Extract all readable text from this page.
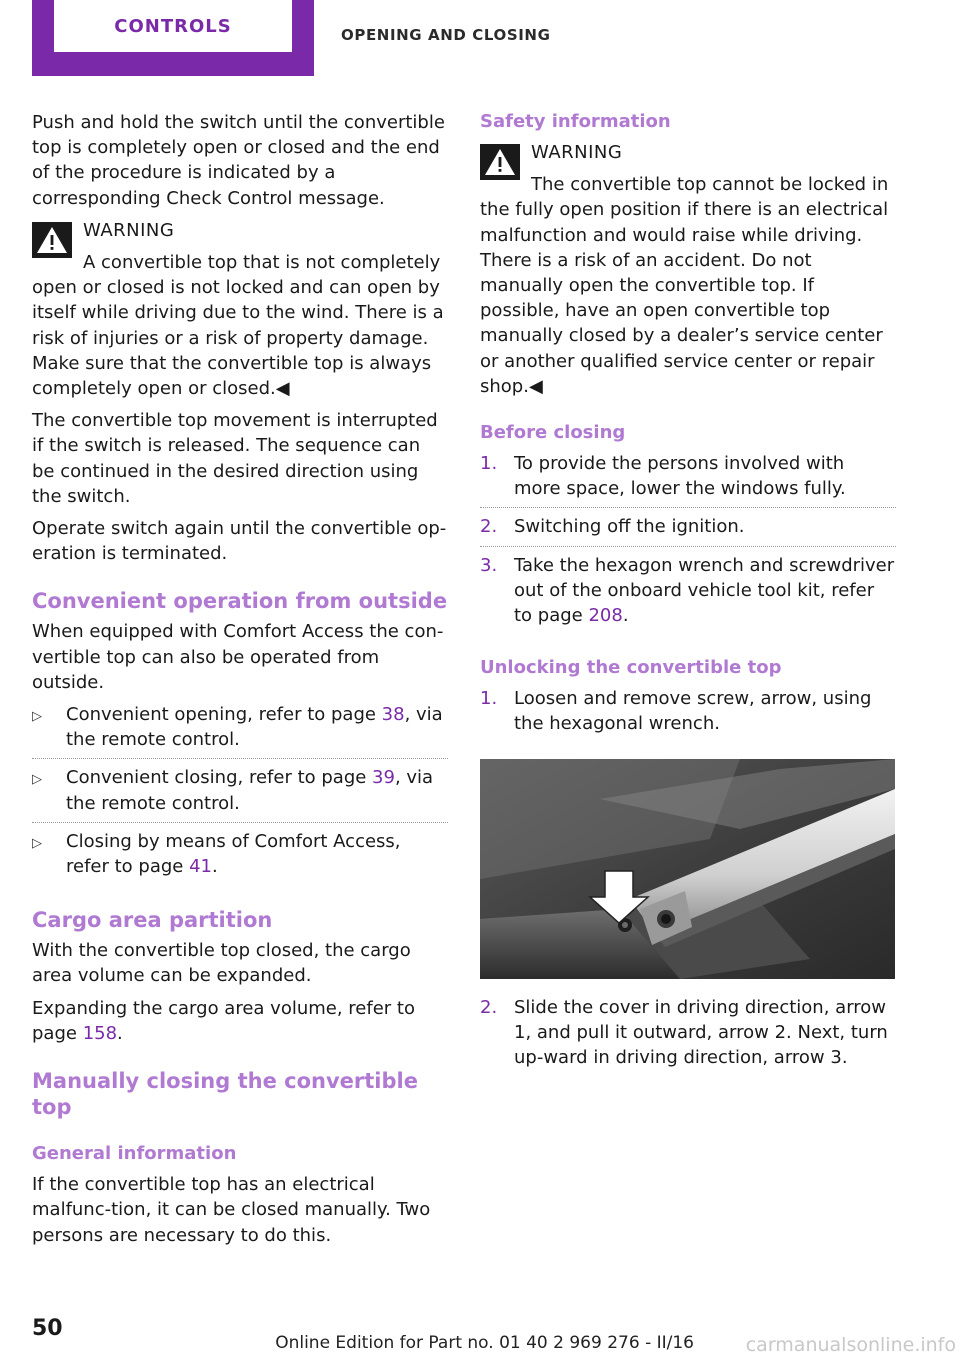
CONTROLS	OPENING AND CLOSING

Push and hold the switch until the convertible top is completely open or closed and the end of the procedure is indicated by a corresponding Check Control message.

WARNING

A convertible top that is not completely open or closed is not locked and can open by itself while driving due to the wind. There is a risk of injuries or a risk of property damage. Make sure that the convertible top is always completely open or closed.◀

The convertible top movement is interrupted if the switch is released. The sequence can be continued in the desired direction using the switch.

Operate switch again until the convertible op‐eration is terminated.

Convenient operation from outside

When equipped with Comfort Access the con‐vertible top can also be operated from outside.

▷ Convenient opening, refer to page 38, via the remote control.
▷ Convenient closing, refer to page 39, via the remote control.
▷ Closing by means of Comfort Access, refer to page 41.
Cargo area partition

With the convertible top closed, the cargo area volume can be expanded.

Expanding the cargo area volume, refer to page 158.

Manually closing the convertible top
General information

If the convertible top has an electrical malfunc‐tion, it can be closed manually. Two persons are necessary to do this.

Safety information
WARNING

The convertible top cannot be locked in the fully open position if there is an electrical malfunction and would raise while driving. There is a risk of an accident. Do not manually open the convertible top. If possible, have an open convertible top manually closed by a dealer’s service center or another qualified service center or repair shop.◀

Before closing
1. To provide the persons involved with more space, lower the windows fully.
2. Switching off the ignition.
3. Take the hexagon wrench and screwdriver out of the onboard vehicle tool kit, refer to page 208.
Unlocking the convertible top
1. Loosen and remove screw, arrow, using the hexagonal wrench.
2. Slide the cover in driving direction, arrow 1, and pull it outward, arrow 2. Next, turn up‐ward in driving direction, arrow 3.
50
Online Edition for Part no. 01 40 2 969 276 - II/16	carmanualsonline.info
